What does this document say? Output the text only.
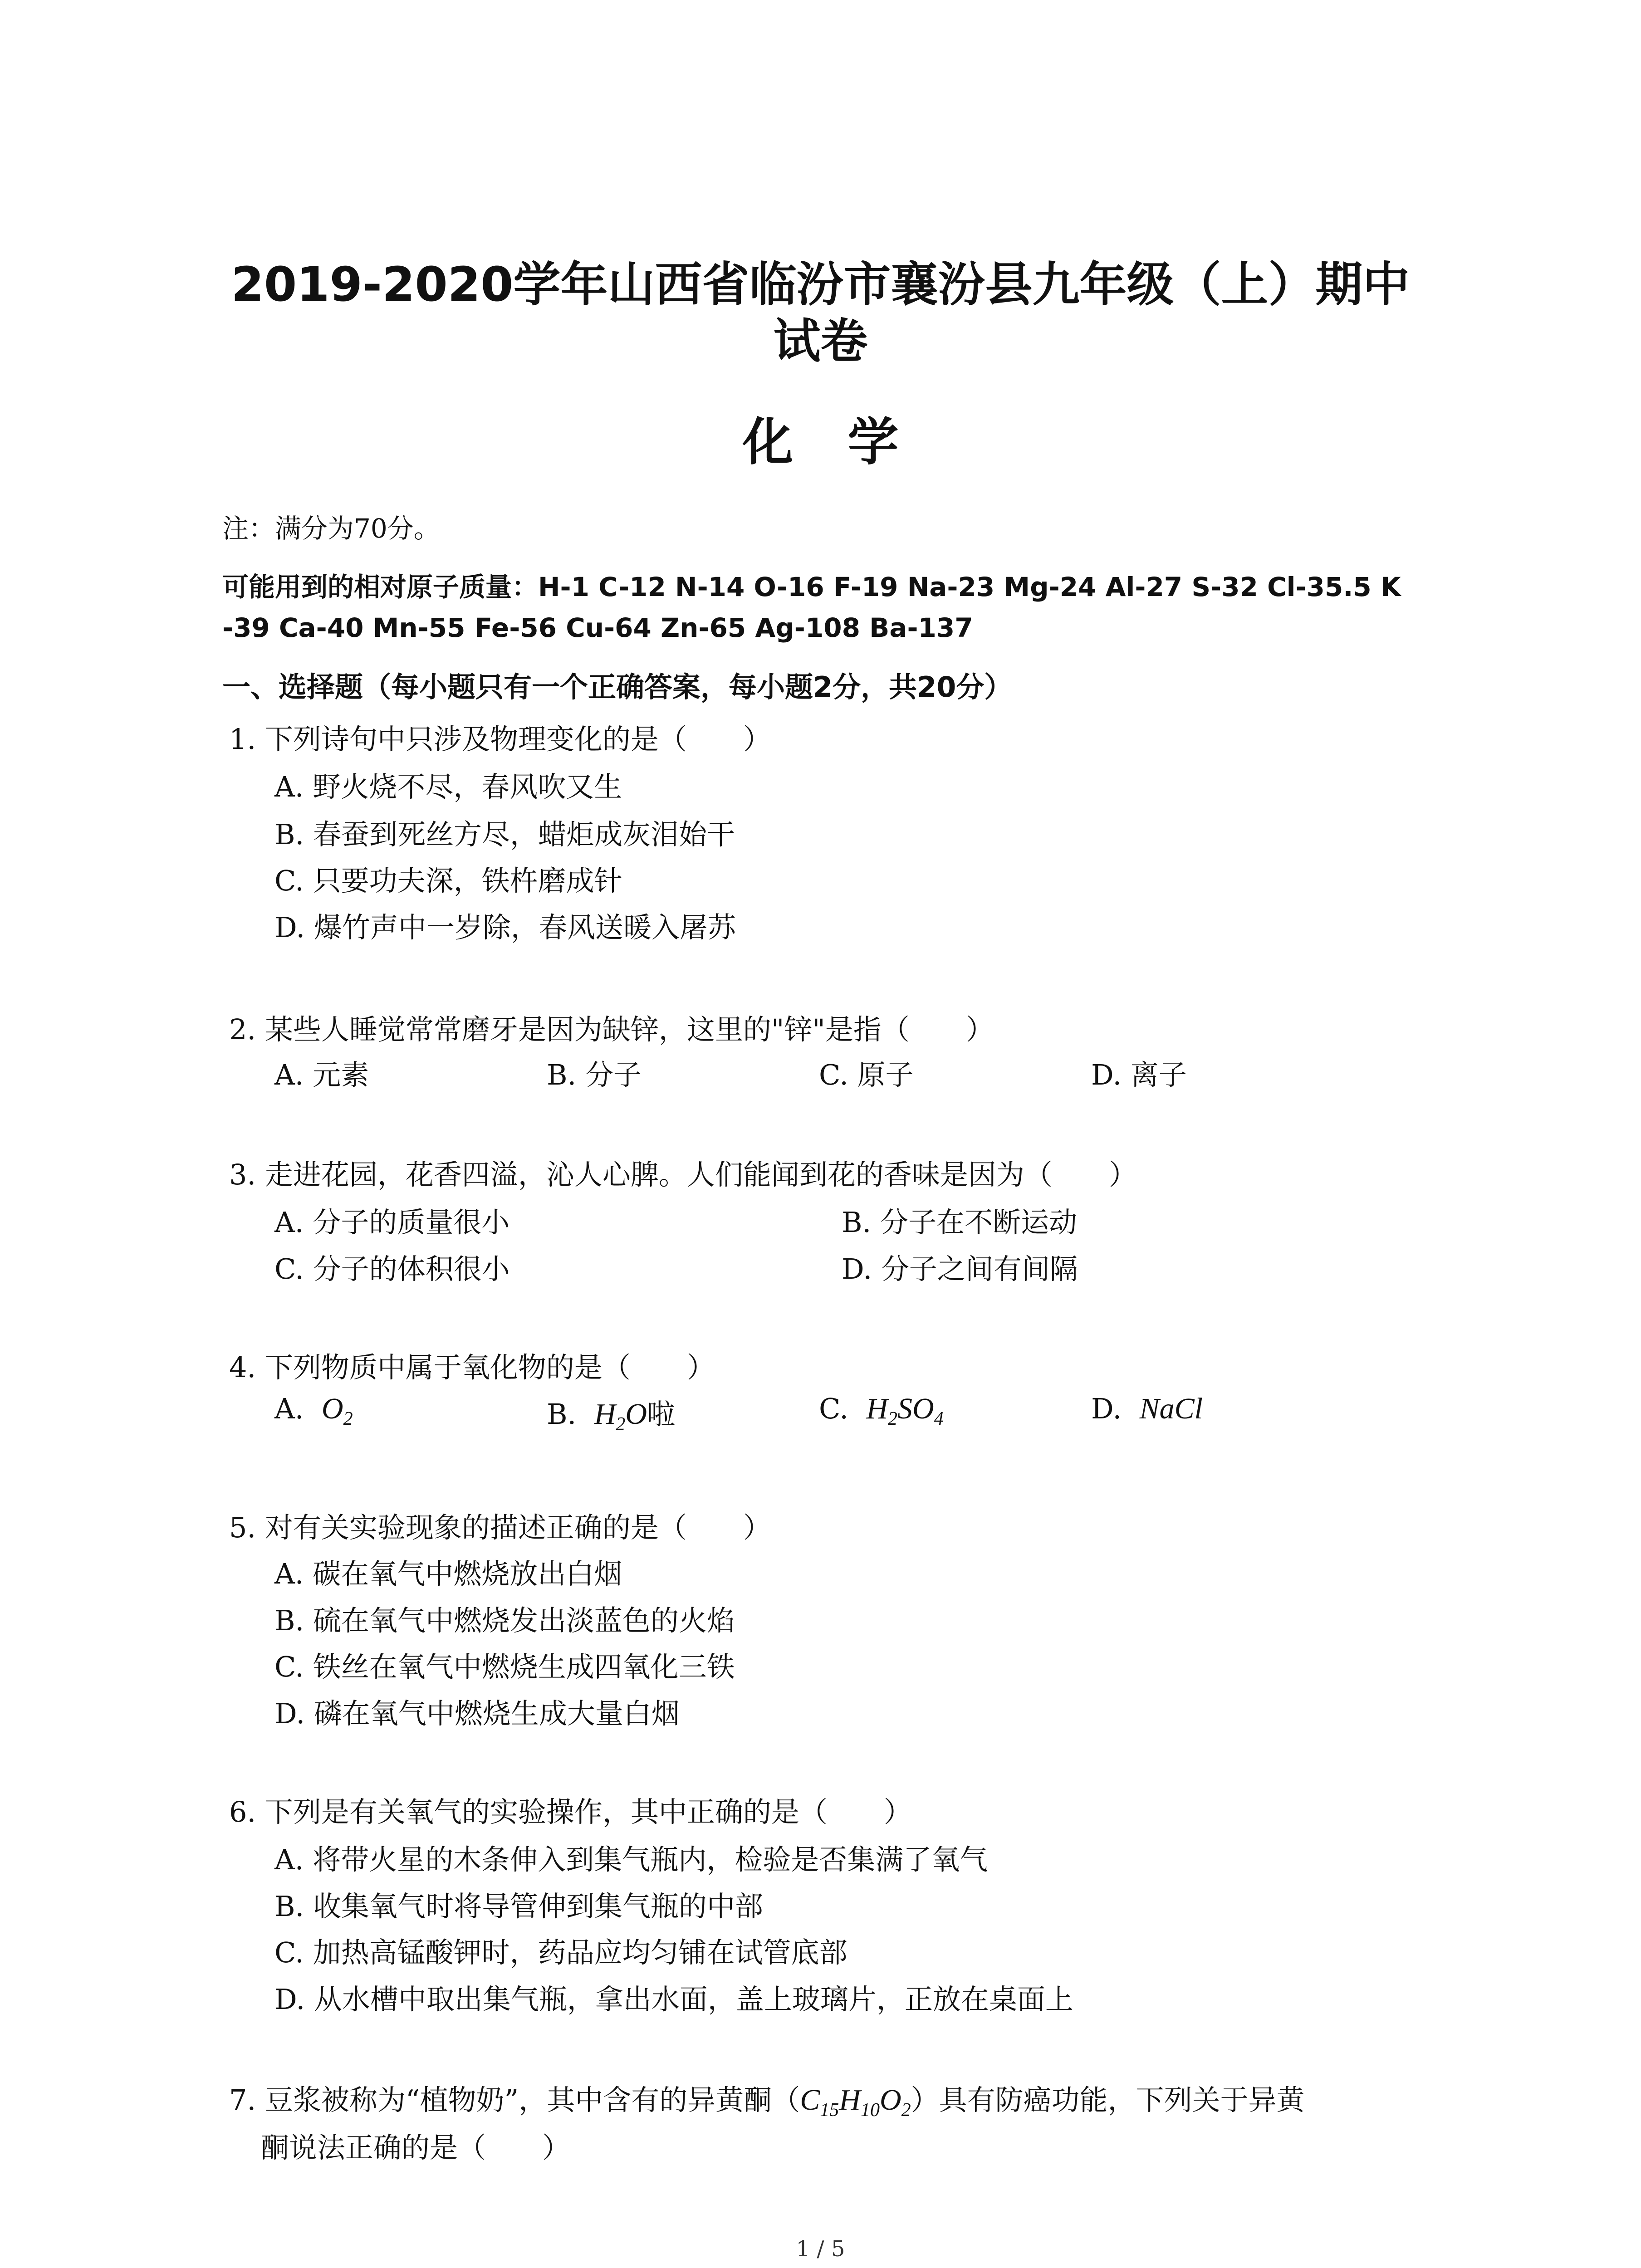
2019-2020学年山西省临汾市襄汾县九年级（上）期中
试卷
化学
注：满分为70分。
可能用到的相对原子质量：H-1 C-12 N-14 O-16 F-19 Na-23 Mg-24 Al-27 S-32 Cl-35.5 K
-39 Ca-40 Mn-55 Fe-56 Cu-64 Zn-65 Ag-108 Ba-137
一、选择题（每小题只有一个正确答案，每小题2分，共20分）
1. 下列诗句中只涉及物理变化的是（　　）
A. 野火烧不尽，春风吹又生
B. 春蚕到死丝方尽，蜡炬成灰泪始干
C. 只要功夫深，铁杵磨成针
D. 爆竹声中一岁除，春风送暖入屠苏
2. 某些人睡觉常常磨牙是因为缺锌，这里的"锌"是指（　　）
A. 元素	B. 分子	C. 原子	D. 离子
3. 走进花园，花香四溢，沁人心脾。人们能闻到花的香味是因为（　　）
A. 分子的质量很小	B. 分子在不断运动
C. 分子的体积很小	D. 分子之间有间隔
4. 下列物质中属于氧化物的是（　　）
A. $O_2$	B. $H_2O$啦	C. $H_2SO_4$	D. NaCl
5. 对有关实验现象的描述正确的是（　　）
A. 碳在氧气中燃烧放出白烟
B. 硫在氧气中燃烧发出淡蓝色的火焰
C. 铁丝在氧气中燃烧生成四氧化三铁
D. 磷在氧气中燃烧生成大量白烟
6. 下列是有关氧气的实验操作，其中正确的是（　　）
A. 将带火星的木条伸入到集气瓶内，检验是否集满了氧气
B. 收集氧气时将导管伸到集气瓶的中部
C. 加热高锰酸钾时，药品应均匀铺在试管底部
D. 从水槽中取出集气瓶，拿出水面，盖上玻璃片，正放在桌面上
7. 豆浆被称为“植物奶”，其中含有的异黄酮$(C_{15}H_{10}O_2)$具有防癌功能，下列关于异黄
酮说法正确的是（　　）
1 / 5
